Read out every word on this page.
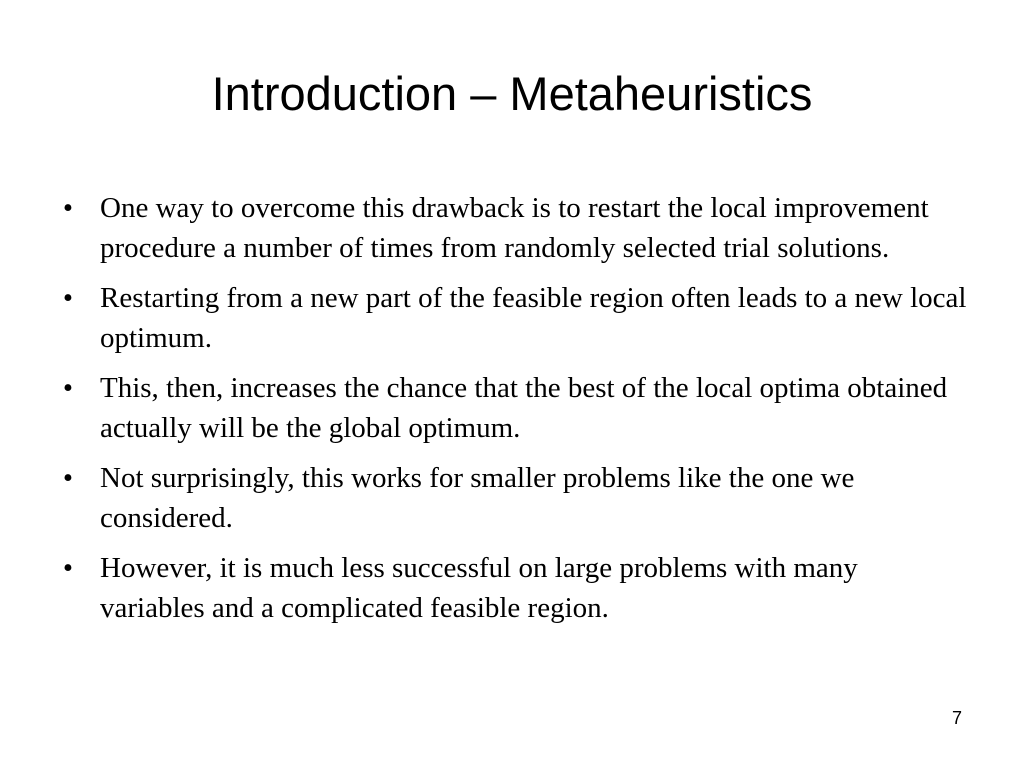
Introduction – Metaheuristics
• One way to overcome this drawback is to restart the local improvement procedure a number of times from randomly selected trial solutions.
• Restarting from a new part of the feasible region often leads to a new local optimum.
• This, then, increases the chance that the best of the local optima obtained actually will be the global optimum.
• Not surprisingly, this works for smaller problems like the one we considered.
• However, it is much less successful on large problems with many variables and a complicated feasible region.
7
